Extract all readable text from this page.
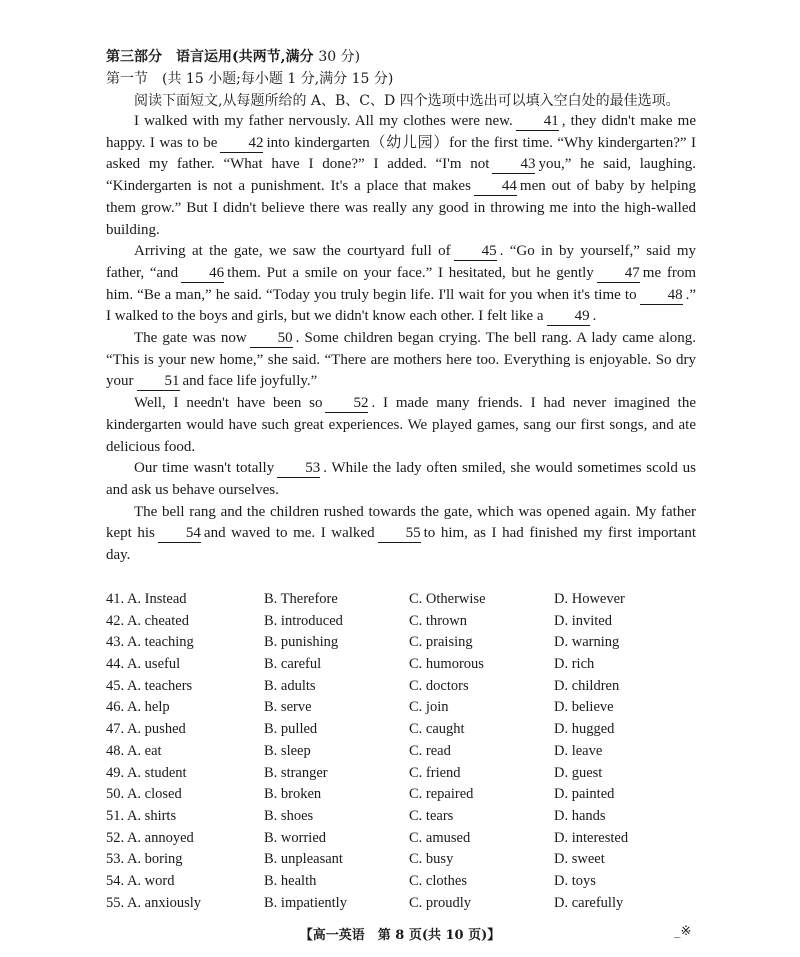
第三部分　语言运用(共两节,满分 30 分)
第一节　(共 15 小题;每小题 1 分,满分 15 分)
阅读下面短文,从每题所给的 A、B、C、D 四个选项中选出可以填入空白处的最佳选项。

I walked with my father nervously. All my clothes were new. 41 , they didn't make me happy. I was to be 42 into kindergarten（幼儿园）for the first time. “Why kindergarten?” I asked my father. “What have I done?” I added. “I'm not 43 you,” he said, laughing. “Kindergarten is not a punishment. It's a place that makes 44 men out of baby by helping them grow.” But I didn't believe there was really any good in throwing me into the high-walled building.

Arriving at the gate, we saw the courtyard full of 45 . “Go in by yourself,” said my father, “and 46 them. Put a smile on your face.” I hesitated, but he gently 47 me from him. “Be a man,” he said. “Today you truly begin life. I'll wait for you when it's time to 48 .” I walked to the boys and girls, but we didn't know each other. I felt like a 49 .

The gate was now 50 . Some children began crying. The bell rang. A lady came along. “This is your new home,” she said. “There are mothers here too. Everything is enjoyable. So dry your 51 and face life joyfully.”

Well, I needn't have been so 52 . I made many friends. I had never imagined the kindergarten would have such great experiences. We played games, sang our first songs, and ate delicious food.

Our time wasn't totally 53 . While the lady often smiled, she would sometimes scold us and ask us behave ourselves.

The bell rang and the children rushed towards the gate, which was opened again. My father kept his 54 and waved to me. I walked 55 to him, as I had finished my first important day.

41. A. Instead	B. Therefore	C. Otherwise	D. However
42. A. cheated	B. introduced	C. thrown	D. invited
43. A. teaching	B. punishing	C. praising	D. warning
44. A. useful	B. careful	C. humorous	D. rich
45. A. teachers	B. adults	C. doctors	D. children
46. A. help	B. serve	C. join	D. believe
47. A. pushed	B. pulled	C. caught	D. hugged
48. A. eat	B. sleep	C. read	D. leave
49. A. student	B. stranger	C. friend	D. guest
50. A. closed	B. broken	C. repaired	D. painted
51. A. shirts	B. shoes	C. tears	D. hands
52. A. annoyed	B. worried	C. amused	D. interested
53. A. boring	B. unpleasant	C. busy	D. sweet
54. A. word	B. health	C. clothes	D. toys
55. A. anxiously	B. impatiently	C. proudly	D. carefully
【高一英语　第 8 页(共 10 页)】	_※
